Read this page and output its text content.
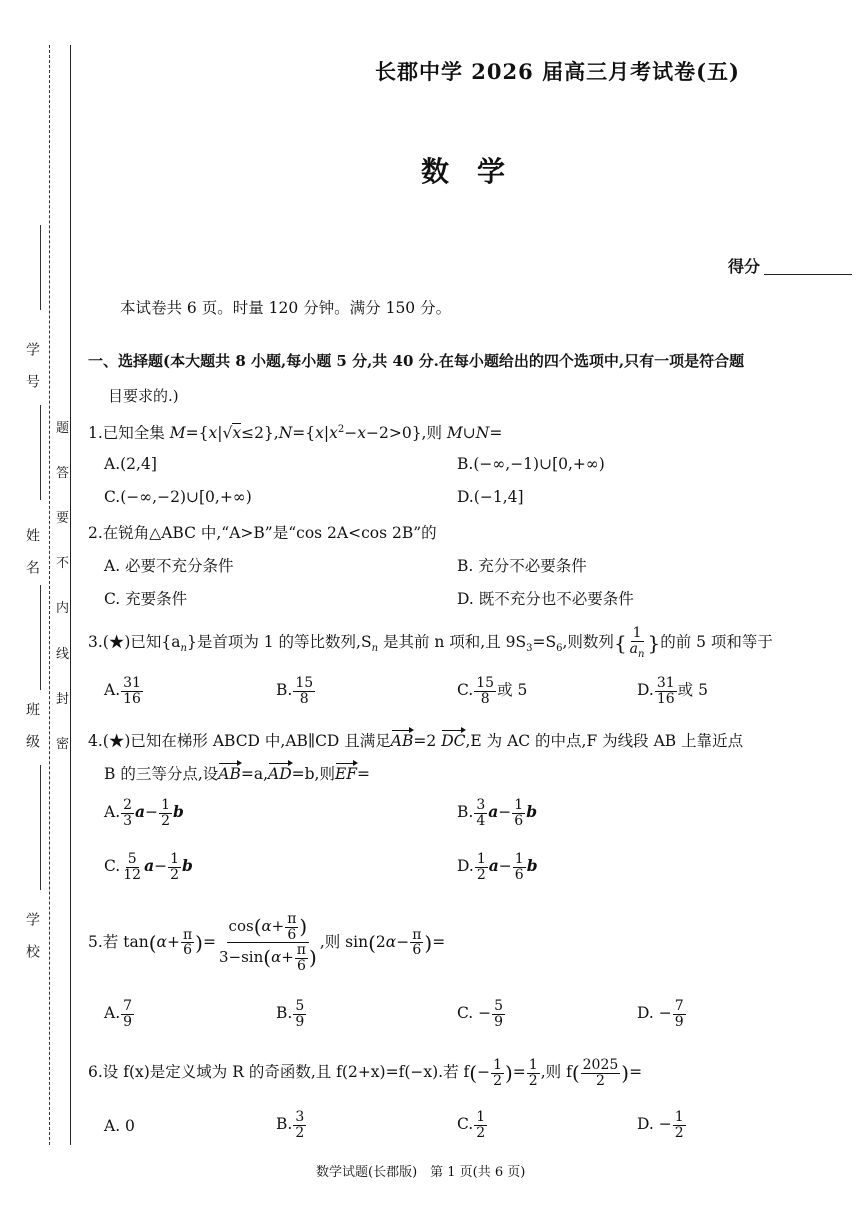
学　号
姓　名
班　级
学　校
题
答
要
不
内
线
封
密
长郡中学 2026 届高三月考试卷(五)
数　学
得分
本试卷共 6 页。时量 120 分钟。满分 150 分。
一、选择题(本大题共 8 小题,每小题 5 分,共 40 分.在每小题给出的四个选项中,只有一项是符合题
目要求的.)
1.已知全集 $M=\{x|√x\le 2\},N=\{x|x^2-x-2>0\}$,则 M∪N=
A.(2,4]	B.(−∞,−1)∪[0,+∞)
C.(−∞,−2)∪[0,+∞)	D.(−1,4]
2.在锐角△ABC 中,“A>B”是“cos 2A<cos 2B”的
A. 必要不充分条件	B. 充分不必要条件
C. 充要条件	D. 既不充分也不必要条件
3.(★)已知$\{a_n\}$是首项为 1 的等比数列$,S_n$ 是其前 n 项和,且 $9S_3=S_6$,则数列{ $\frac{1}{a_n}$ }的前 5 项和等于
A. $\frac{31}{16}$	B. $\frac{15}{8}$	C. $\frac{15}{8}$ 或 5	D. $\frac{31}{16}$ 或 5
4.(★)已知在梯形 ABCD 中,AB∥CD 且满足AB=2 DC,E 为 AC 的中点,F 为线段 AB 上靠近点
B 的三等分点,设AB=a,AD=b,则EF=
A. $\frac{2}{3} a- \frac{1}{2}$ b	B. $\frac{3}{4} a- \frac{1}{6}$ b
C. $\frac{5}{12} a- \frac{1}{2}$ b	D. $\frac{1}{2} a- \frac{1}{6}$ b
5.若 $\tan(\alpha+ \frac{\pi}{6}$ )= $\frac{\cos(\alpha+ \frac{\pi}{6} )}{3-\sin(\alpha+ \frac{\pi}{6} )}$ ,则 $\sin(2\alpha- \frac{\pi}{6}$ )=
A. $\frac{7}{9}$	B. $\frac{5}{9}$	C. − $\frac{5}{9}$	D. − $\frac{7}{9}$
6.设 f(x)是定义域为 R 的奇函数,且 f(2+x)=f(−x).若 $f(- \frac{1}{2}$ )= $\frac{1}{2}$ ,则 $f( \frac{2025}{2}$ )=
A. 0	B. $\frac{3}{2}$	C. $\frac{1}{2}$	D. − $\frac{1}{2}$
数学试题(长郡版)　第 1 页(共 6 页)
